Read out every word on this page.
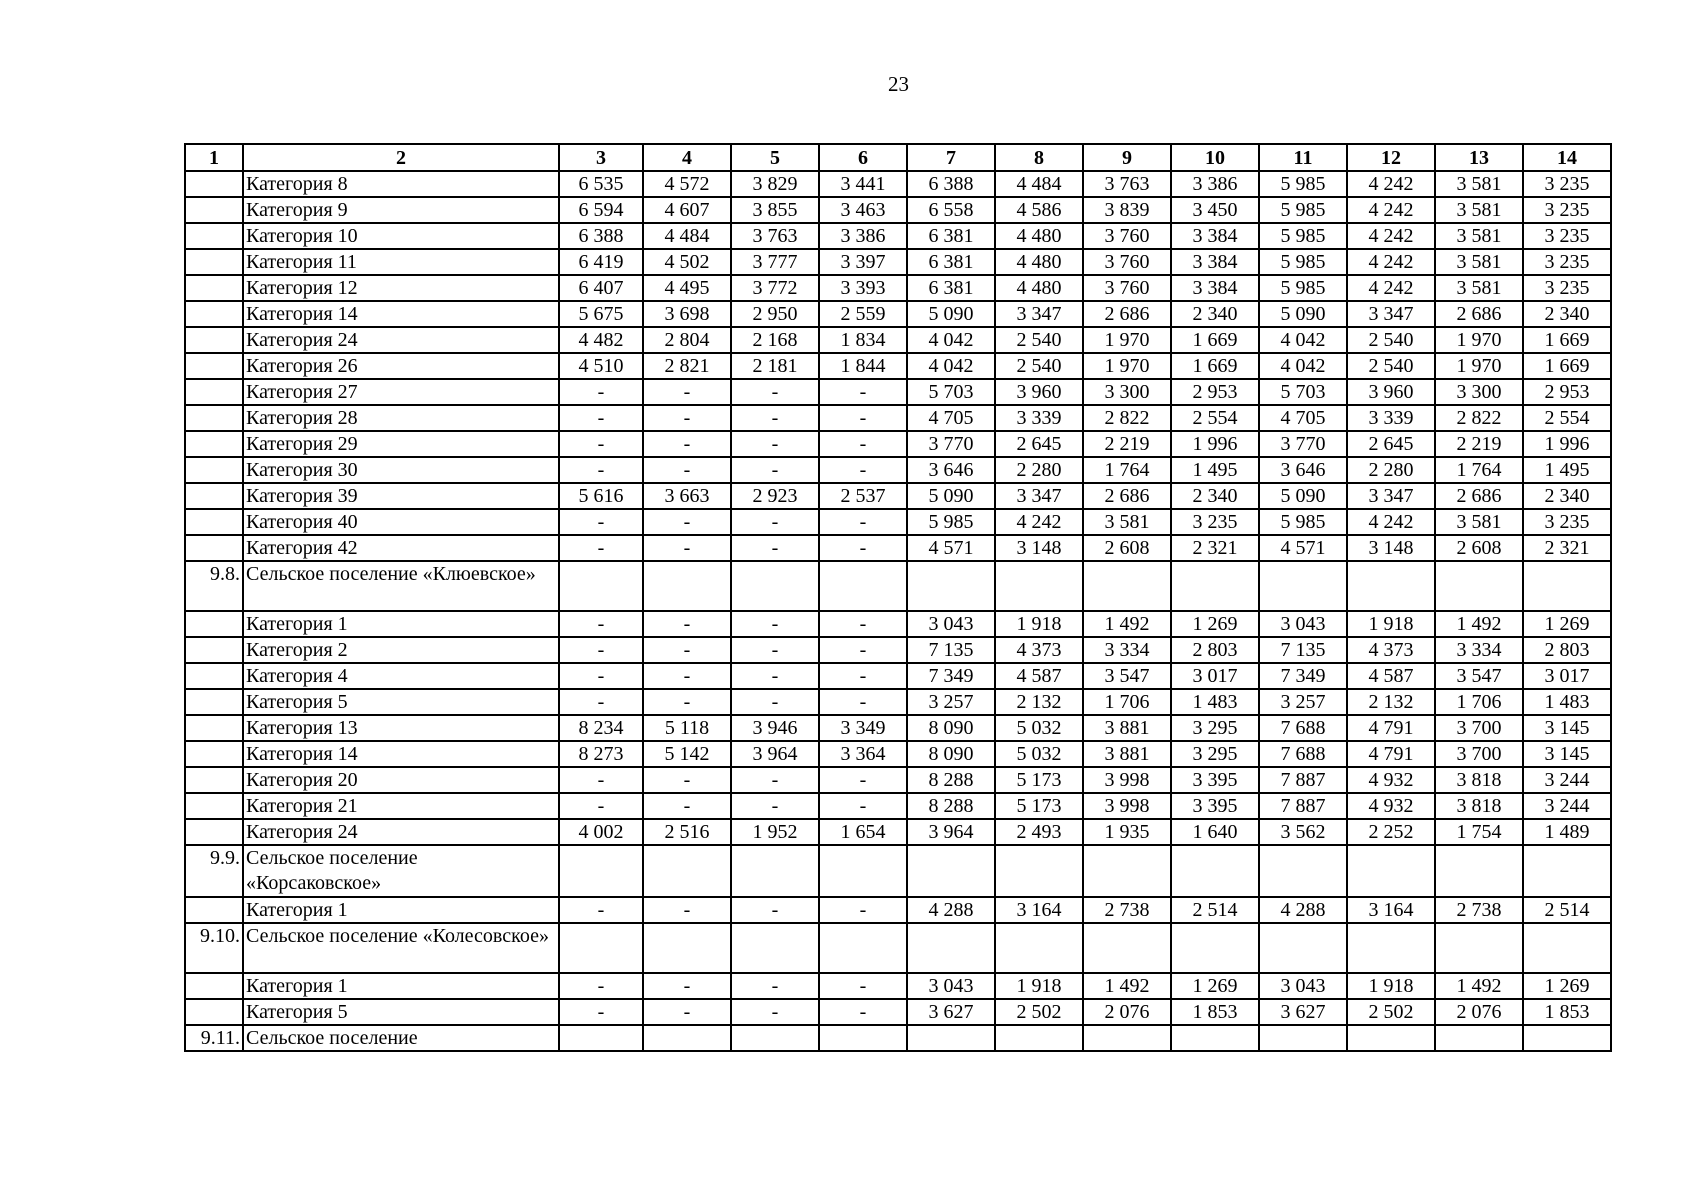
23
1	2	3	4	5	6	7	8	9	10	11	12	13	14
	Категория 8	6 535	4 572	3 829	3 441	6 388	4 484	3 763	3 386	5 985	4 242	3 581	3 235
	Категория 9	6 594	4 607	3 855	3 463	6 558	4 586	3 839	3 450	5 985	4 242	3 581	3 235
	Категория 10	6 388	4 484	3 763	3 386	6 381	4 480	3 760	3 384	5 985	4 242	3 581	3 235
	Категория 11	6 419	4 502	3 777	3 397	6 381	4 480	3 760	3 384	5 985	4 242	3 581	3 235
	Категория 12	6 407	4 495	3 772	3 393	6 381	4 480	3 760	3 384	5 985	4 242	3 581	3 235
	Категория 14	5 675	3 698	2 950	2 559	5 090	3 347	2 686	2 340	5 090	3 347	2 686	2 340
	Категория 24	4 482	2 804	2 168	1 834	4 042	2 540	1 970	1 669	4 042	2 540	1 970	1 669
	Категория 26	4 510	2 821	2 181	1 844	4 042	2 540	1 970	1 669	4 042	2 540	1 970	1 669
	Категория 27	-	-	-	-	5 703	3 960	3 300	2 953	5 703	3 960	3 300	2 953
	Категория 28	-	-	-	-	4 705	3 339	2 822	2 554	4 705	3 339	2 822	2 554
	Категория 29	-	-	-	-	3 770	2 645	2 219	1 996	3 770	2 645	2 219	1 996
	Категория 30	-	-	-	-	3 646	2 280	1 764	1 495	3 646	2 280	1 764	1 495
	Категория 39	5 616	3 663	2 923	2 537	5 090	3 347	2 686	2 340	5 090	3 347	2 686	2 340
	Категория 40	-	-	-	-	5 985	4 242	3 581	3 235	5 985	4 242	3 581	3 235
	Категория 42	-	-	-	-	4 571	3 148	2 608	2 321	4 571	3 148	2 608	2 321
9.8.	Сельское поселение «Клюевское»												
	Категория 1	-	-	-	-	3 043	1 918	1 492	1 269	3 043	1 918	1 492	1 269
	Категория 2	-	-	-	-	7 135	4 373	3 334	2 803	7 135	4 373	3 334	2 803
	Категория 4	-	-	-	-	7 349	4 587	3 547	3 017	7 349	4 587	3 547	3 017
	Категория 5	-	-	-	-	3 257	2 132	1 706	1 483	3 257	2 132	1 706	1 483
	Категория 13	8 234	5 118	3 946	3 349	8 090	5 032	3 881	3 295	7 688	4 791	3 700	3 145
	Категория 14	8 273	5 142	3 964	3 364	8 090	5 032	3 881	3 295	7 688	4 791	3 700	3 145
	Категория 20	-	-	-	-	8 288	5 173	3 998	3 395	7 887	4 932	3 818	3 244
	Категория 21	-	-	-	-	8 288	5 173	3 998	3 395	7 887	4 932	3 818	3 244
	Категория 24	4 002	2 516	1 952	1 654	3 964	2 493	1 935	1 640	3 562	2 252	1 754	1 489
9.9.	Сельское поселение «Корсаковское»												
	Категория 1	-	-	-	-	4 288	3 164	2 738	2 514	4 288	3 164	2 738	2 514
9.10.	Сельское поселение «Колесовское»												
	Категория 1	-	-	-	-	3 043	1 918	1 492	1 269	3 043	1 918	1 492	1 269
	Категория 5	-	-	-	-	3 627	2 502	2 076	1 853	3 627	2 502	2 076	1 853
9.11.	Сельское поселение												
